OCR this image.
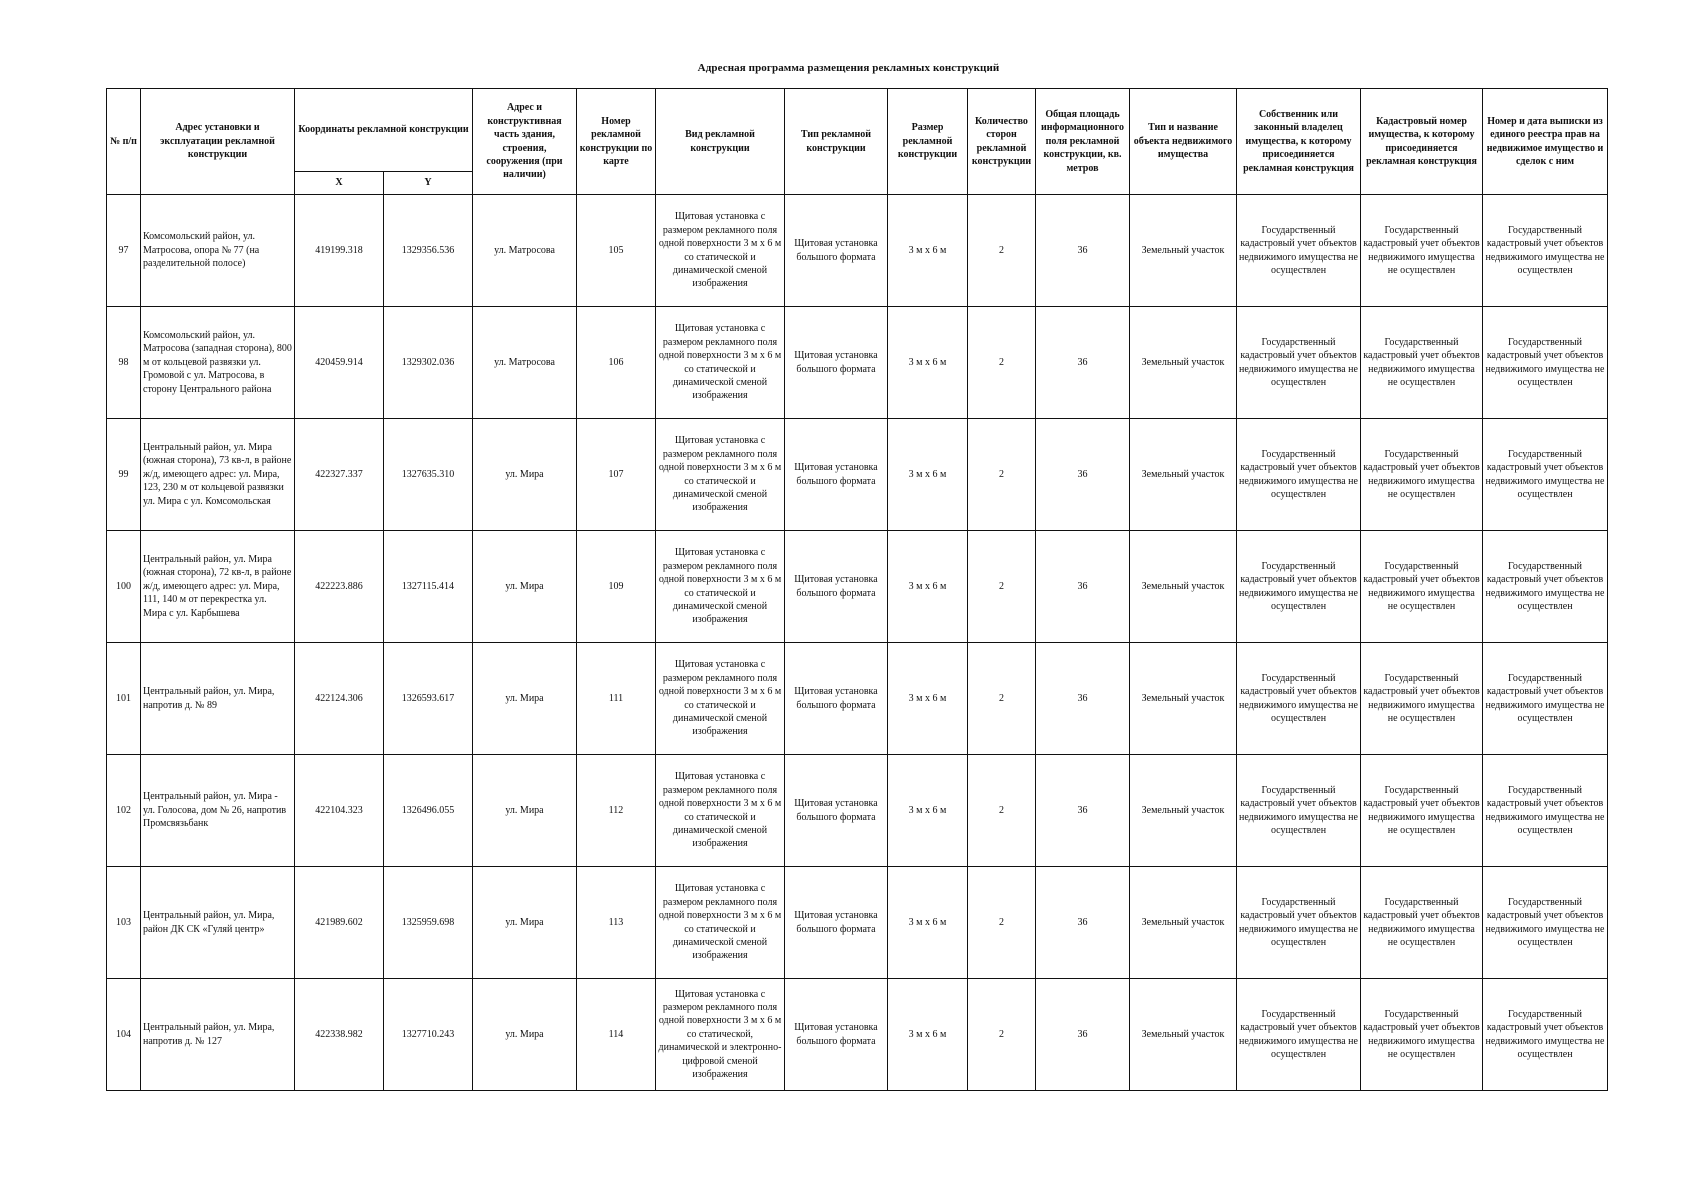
Адресная программа размещения рекламных конструкций
№ п/п	Адрес установки и эксплуатации рекламной конструкции	Координаты рекламной конструкции		Адрес и конструктивная часть здания, строения, сооружения (при наличии)	Номер рекламной конструкции по карте	Вид рекламной конструкции	Тип рекламной конструкции	Размер рекламной конструкции	Количество сторон рекламной конструкции	Общая площадь информационного поля рекламной конструкции, кв. метров	Тип и название объекта недвижимого имущества	Собственник или законный владелец имущества, к которому присоединяется рекламная конструкция	Кадастровый номер имущества, к которому присоединяется рекламная конструкция	Номер и дата выписки из единого реестра прав на недвижимое имущество и сделок с ним
		X	Y											
97	Комсомольский район, ул. Матросова, опора № 77 (на разделительной полосе)	419199.318	1329356.536	ул. Матросова	105	Щитовая установка с размером рекламного поля одной поверхности 3 м х 6 м со статической и динамической сменой изображения	Щитовая установка большого формата	3 м х 6 м	2	36	Земельный участок	Государственный кадастровый учет объектов недвижимого имущества не осуществлен	Государственный кадастровый учет объектов недвижимого имущества не осуществлен	Государственный кадастровый учет объектов недвижимого имущества не осуществлен
98	Комсомольский район, ул. Матросова (западная сторона), 800 м от кольцевой развязки ул. Громовой с ул. Матросова, в сторону Центрального района	420459.914	1329302.036	ул. Матросова	106	Щитовая установка с размером рекламного поля одной поверхности 3 м х 6 м со статической и динамической сменой изображения	Щитовая установка большого формата	3 м х 6 м	2	36	Земельный участок	Государственный кадастровый учет объектов недвижимого имущества не осуществлен	Государственный кадастровый учет объектов недвижимого имущества не осуществлен	Государственный кадастровый учет объектов недвижимого имущества не осуществлен
99	Центральный район, ул. Мира (южная сторона), 73 кв-л, в районе ж/д, имеющего адрес: ул. Мира, 123, 230 м от кольцевой развязки ул. Мира с ул. Комсомольская	422327.337	1327635.310	ул. Мира	107	Щитовая установка с размером рекламного поля одной поверхности 3 м х 6 м со статической и динамической сменой изображения	Щитовая установка большого формата	3 м х 6 м	2	36	Земельный участок	Государственный кадастровый учет объектов недвижимого имущества не осуществлен	Государственный кадастровый учет объектов недвижимого имущества не осуществлен	Государственный кадастровый учет объектов недвижимого имущества не осуществлен
100	Центральный район, ул. Мира (южная сторона), 72 кв-л, в районе ж/д, имеющего адрес: ул. Мира, 111, 140 м от перекрестка ул. Мира с ул. Карбышева	422223.886	1327115.414	ул. Мира	109	Щитовая установка с размером рекламного поля одной поверхности 3 м х 6 м со статической и динамической сменой изображения	Щитовая установка большого формата	3 м х 6 м	2	36	Земельный участок	Государственный кадастровый учет объектов недвижимого имущества не осуществлен	Государственный кадастровый учет объектов недвижимого имущества не осуществлен	Государственный кадастровый учет объектов недвижимого имущества не осуществлен
101	Центральный район, ул. Мира, напротив д. № 89	422124.306	1326593.617	ул. Мира	111	Щитовая установка с размером рекламного поля одной поверхности 3 м х 6 м со статической и динамической сменой изображения	Щитовая установка большого формата	3 м х 6 м	2	36	Земельный участок	Государственный кадастровый учет объектов недвижимого имущества не осуществлен	Государственный кадастровый учет объектов недвижимого имущества не осуществлен	Государственный кадастровый учет объектов недвижимого имущества не осуществлен
102	Центральный район, ул. Мира - ул. Голосова, дом № 26, напротив Промсвязьбанк	422104.323	1326496.055	ул. Мира	112	Щитовая установка с размером рекламного поля одной поверхности 3 м х 6 м со статической и динамической сменой изображения	Щитовая установка большого формата	3 м х 6 м	2	36	Земельный участок	Государственный кадастровый учет объектов недвижимого имущества не осуществлен	Государственный кадастровый учет объектов недвижимого имущества не осуществлен	Государственный кадастровый учет объектов недвижимого имущества не осуществлен
103	Центральный район, ул. Мира, район ДК СК «Гуляй центр»	421989.602	1325959.698	ул. Мира	113	Щитовая установка с размером рекламного поля одной поверхности 3 м х 6 м со статической и динамической сменой изображения	Щитовая установка большого формата	3 м х 6 м	2	36	Земельный участок	Государственный кадастровый учет объектов недвижимого имущества не осуществлен	Государственный кадастровый учет объектов недвижимого имущества не осуществлен	Государственный кадастровый учет объектов недвижимого имущества не осуществлен
104	Центральный район, ул. Мира, напротив д. № 127	422338.982	1327710.243	ул. Мира	114	Щитовая установка с размером рекламного поля одной поверхности 3 м х 6 м со статической, динамической и электронно-цифровой сменой изображения	Щитовая установка большого формата	3 м х 6 м	2	36	Земельный участок	Государственный кадастровый учет объектов недвижимого имущества не осуществлен	Государственный кадастровый учет объектов недвижимого имущества не осуществлен	Государственный кадастровый учет объектов недвижимого имущества не осуществлен
